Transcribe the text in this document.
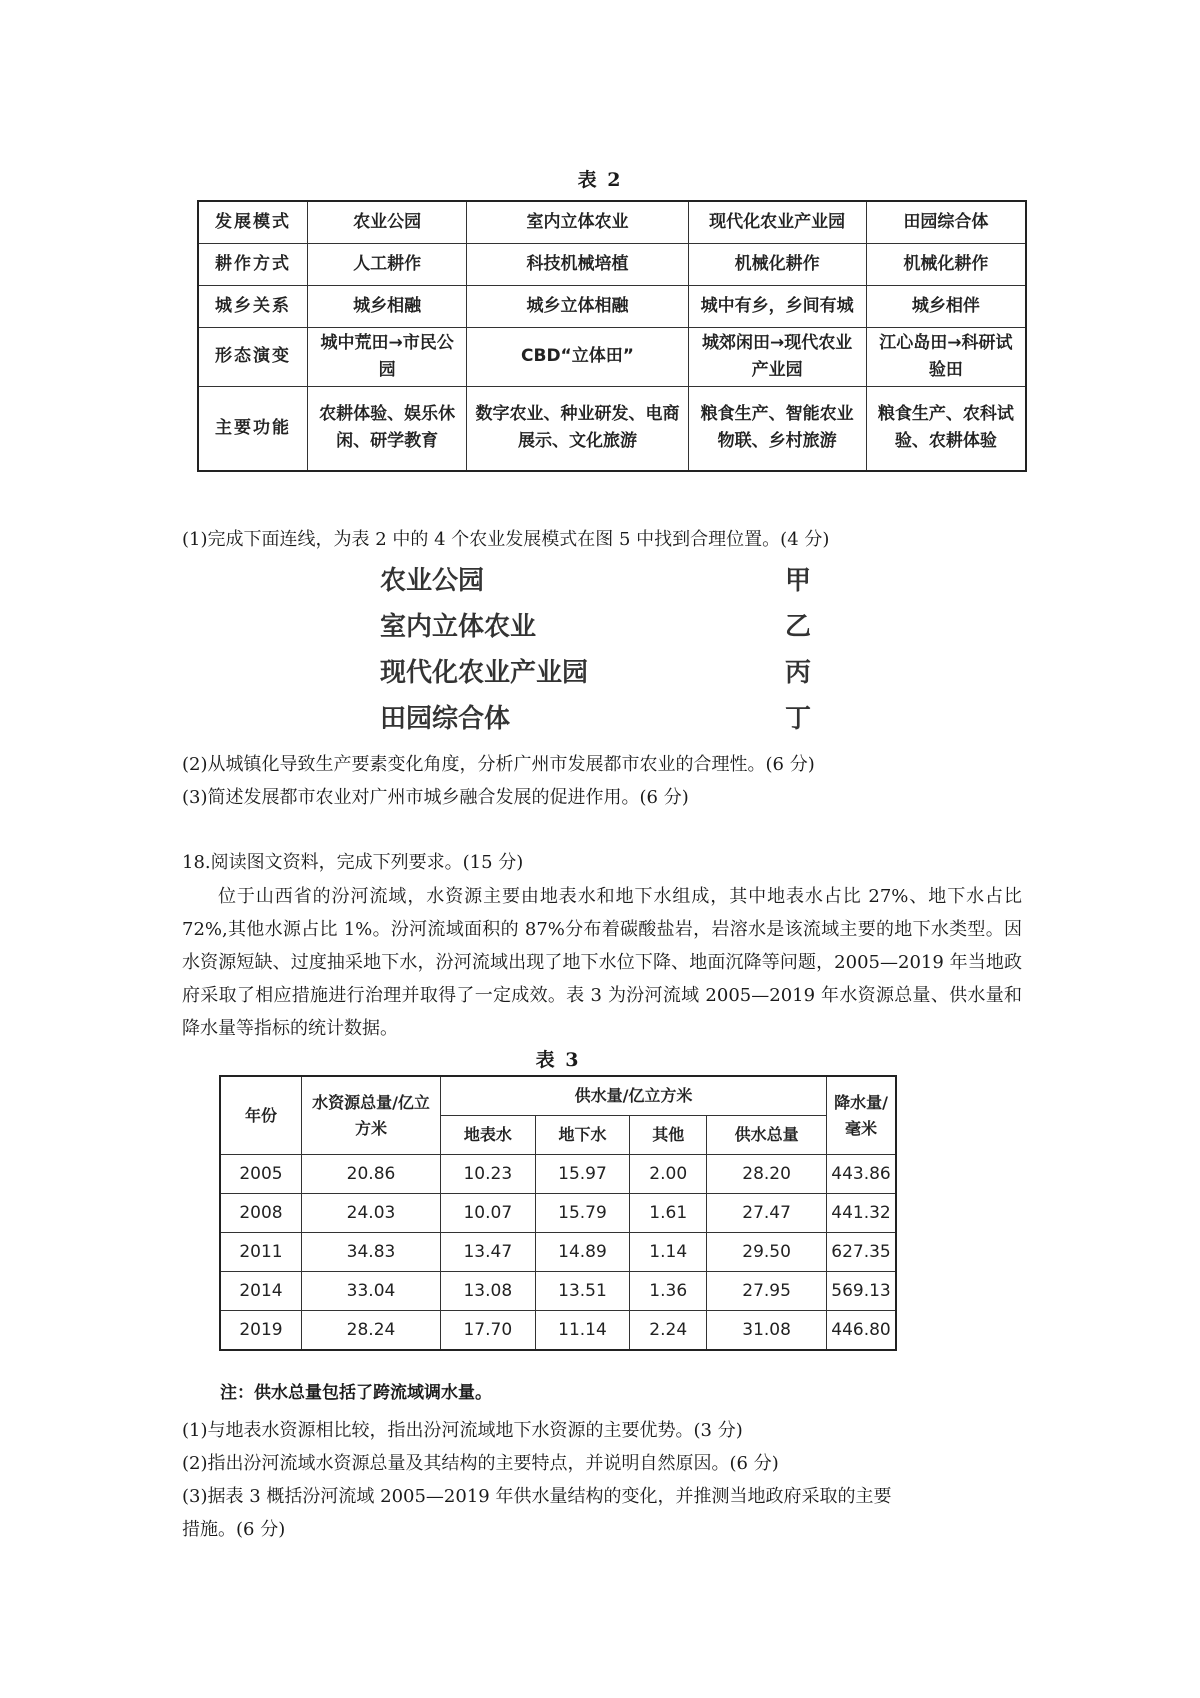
表 2
发展模式	农业公园	室内立体农业	现代化农业产业园	田园综合体
耕作方式	人工耕作	科技机械培植	机械化耕作	机械化耕作
城乡关系	城乡相融	城乡立体相融	城中有乡，乡间有城	城乡相伴
形态演变	城中荒田→市民公园	CBD“立体田”	城郊闲田→现代农业产业园	江心岛田→科研试验田
主要功能	农耕体验、娱乐休闲、研学教育	数字农业、种业研发、电商展示、文化旅游	粮食生产、智能农业物联、乡村旅游	粮食生产、农科试验、农耕体验
(1)完成下面连线，为表 2 中的 4 个农业发展模式在图 5 中找到合理位置。(4 分)
农业公园
室内立体农业
现代化农业产业园
田园综合体
甲
乙
丙
丁
(2)从城镇化导致生产要素变化角度，分析广州市发展都市农业的合理性。(6 分)
(3)简述发展都市农业对广州市城乡融合发展的促进作用。(6 分)
18.阅读图文资料，完成下列要求。(15 分)
位于山西省的汾河流域，水资源主要由地表水和地下水组成，其中地表水占比 27%、地下水占比 72%,其他水源占比 1%。汾河流域面积的 87%分布着碳酸盐岩，岩溶水是该流域主要的地下水类型。因水资源短缺、过度抽采地下水，汾河流域出现了地下水位下降、地面沉降等问题，2005—2019 年当地政府采取了相应措施进行治理并取得了一定成效。表 3 为汾河流域 2005—2019 年水资源总量、供水量和降水量等指标的统计数据。
表 3
年份	水资源总量/亿立方米	供水量/亿立方米				降水量/毫米
		地表水	地下水	其他	供水总量	
2005	20.86	10.23	15.97	2.00	28.20	443.86
2008	24.03	10.07	15.79	1.61	27.47	441.32
2011	34.83	13.47	14.89	1.14	29.50	627.35
2014	33.04	13.08	13.51	1.36	27.95	569.13
2019	28.24	17.70	11.14	2.24	31.08	446.80
注：供水总量包括了跨流域调水量。
(1)与地表水资源相比较，指出汾河流域地下水资源的主要优势。(3 分)
(2)指出汾河流域水资源总量及其结构的主要特点，并说明自然原因。(6 分)
(3)据表 3 概括汾河流域 2005—2019 年供水量结构的变化，并推测当地政府采取的主要
措施。(6 分)
